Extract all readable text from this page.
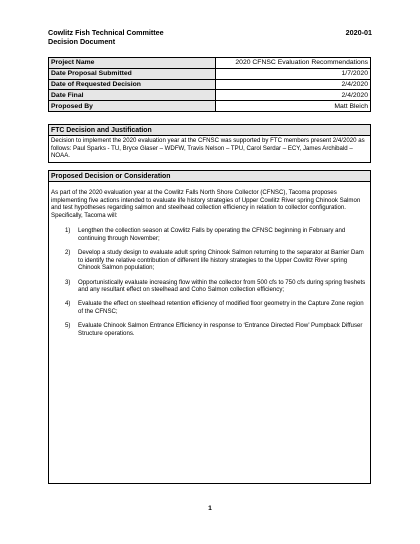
Cowlitz Fish Technical Committee	2020-01
Decision Document
Project Name	2020 CFNSC Evaluation Recommendations
Date Proposal Submitted	1/7/2020
Date of Requested Decision	2/4/2020
Date Final	2/4/2020
Proposed By	Matt Bleich
FTC Decision and Justification
Decision to implement the 2020 evaluation year at the CFNSC was supported by FTC members present 2/4/2020 as follows: Paul Sparks - TU, Bryce Glaser – WDFW, Travis Nelson – TPU, Carol Serdar – ECY, James Archibald – NOAA.
Proposed Decision or Consideration

As part of the 2020 evaluation year at the Cowlitz Falls North Shore Collector (CFNSC), Tacoma proposes implementing five actions intended to evaluate life history strategies of Upper Cowlitz River spring Chinook Salmon and test hypotheses regarding salmon and steelhead collection efficiency in relation to collector configuration. Specifically, Tacoma will:

1)	Lengthen the collection season at Cowlitz Falls by operating the CFNSC beginning in February and continuing through November;
2)	Develop a study design to evaluate adult spring Chinook Salmon returning to the separator at Barrier Dam to identify the relative contribution of different life history strategies to the Upper Cowlitz River spring Chinook Salmon population;
3)	Opportunistically evaluate increasing flow within the collector from 500 cfs to 750 cfs during spring freshets and any resultant effect on steelhead and Coho Salmon collection efficiency;
4)	Evaluate the effect on steelhead retention efficiency of modified floor geometry in the Capture Zone region of the CFNSC;
5)	Evaluate Chinook Salmon Entrance Efficiency in response to ‘Entrance Directed Flow’ Pumpback Diffuser Structure operations.
1
